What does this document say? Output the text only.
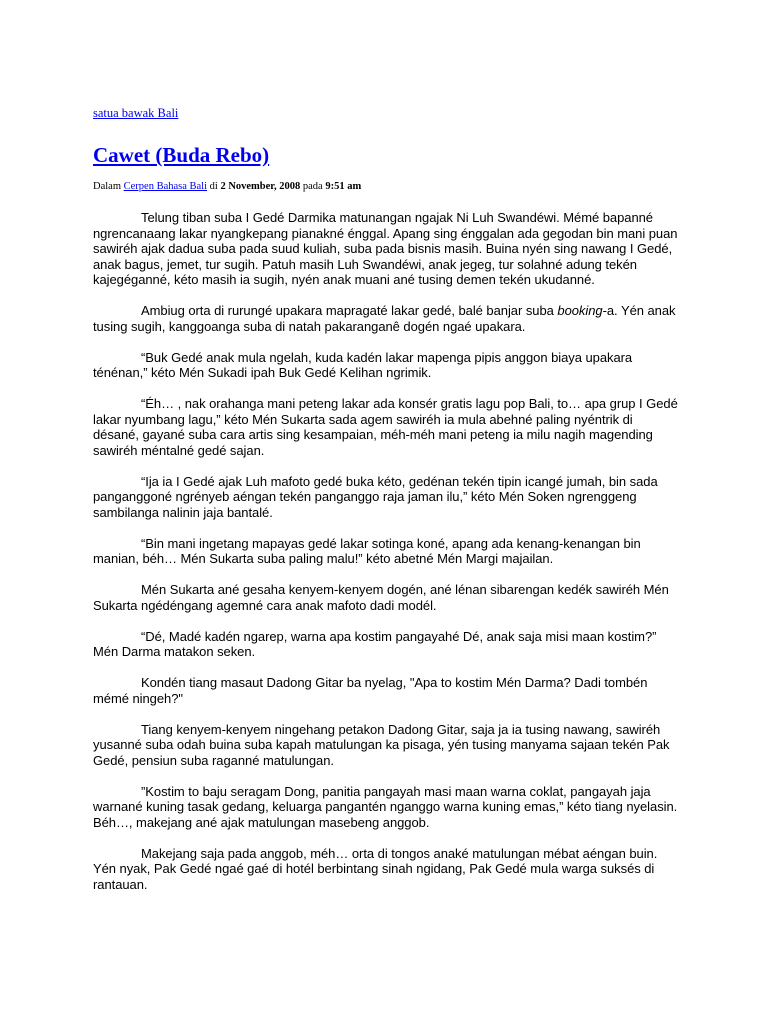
satua bawak Bali
Cawet (Buda Rebo)
Dalam Cerpen Bahasa Bali di 2 November, 2008 pada 9:51 am

Telung tiban suba I Gedé Darmika matunangan ngajak Ni Luh Swandéwi. Mémé bapanné ngrencanaang lakar nyangkepang pianakné énggal. Apang sing énggalan ada gegodan bin mani puan sawiréh ajak dadua suba pada suud kuliah, suba pada bisnis masih. Buina nyén sing nawang I Gedé, anak bagus, jemet, tur sugih. Patuh masih Luh Swandéwi, anak jegeg, tur solahné adung tekén kajegéganné, kéto masih ia sugih, nyén anak muani ané tusing demen tekén ukudanné.

Ambiug orta di rurungé upakara mapragaté lakar gedé, balé banjar suba booking-a. Yén anak tusing sugih, kanggoanga suba di natah pakaranganê dogén ngaé upakara.

“Buk Gedé anak mula ngelah, kuda kadén lakar mapenga pipis anggon biaya upakara ténénan,” kéto Mén Sukadi ipah Buk Gedé Kelihan ngrimik.

“Éh… , nak orahanga mani peteng lakar ada konsér gratis lagu pop Bali, to… apa grup I Gedé lakar nyumbang lagu,” kéto Mén Sukarta sada agem sawiréh ia mula abehné paling nyéntrik di désané, gayané suba cara artis sing kesampaian, méh-méh mani peteng ia milu nagih magending sawiréh méntalné gedé sajan.

“Ija ia I Gedé ajak Luh mafoto gedé buka kéto, gedénan tekén tipin icangé jumah, bin sada panganggoné ngrényeb aéngan tekén panganggo raja jaman ilu,” kéto Mén Soken ngrenggeng sambilanga nalinin jaja bantalé.

“Bin mani ingetang mapayas gedé lakar sotinga koné, apang ada kenang-kenangan bin manian, béh… Mén Sukarta suba paling malu!” kéto abetné Mén Margi majailan.

Mén Sukarta ané gesaha kenyem-kenyem dogén, ané lénan sibarengan kedék sawiréh Mén Sukarta ngédéngang agemné cara anak mafoto dadi modél.

“Dé, Madé kadén ngarep, warna apa kostim pangayahé Dé, anak saja misi maan kostim?” Mén Darma matakon seken.

Kondén tiang masaut Dadong Gitar ba nyelag, "Apa to kostim Mén Darma? Dadi tombén mémé ningeh?"

Tiang kenyem-kenyem ningehang petakon Dadong Gitar, saja ja ia tusing nawang, sawiréh yusanné suba odah buina suba kapah matulungan ka pisaga, yén tusing manyama sajaan tekén Pak Gedé, pensiun suba raganné matulungan.

”Kostim to baju seragam Dong, panitia pangayah masi maan warna coklat, pangayah jaja warnané kuning tasak gedang, keluarga pangantén nganggo warna kuning emas,” kéto tiang nyelasin. Béh…, makejang ané ajak matulungan masebeng anggob.

Makejang saja pada anggob, méh… orta di tongos anaké matulungan mébat aéngan buin. Yén nyak, Pak Gedé ngaé gaé di hotél berbintang sinah ngidang, Pak Gedé mula warga suksés di rantauan.
